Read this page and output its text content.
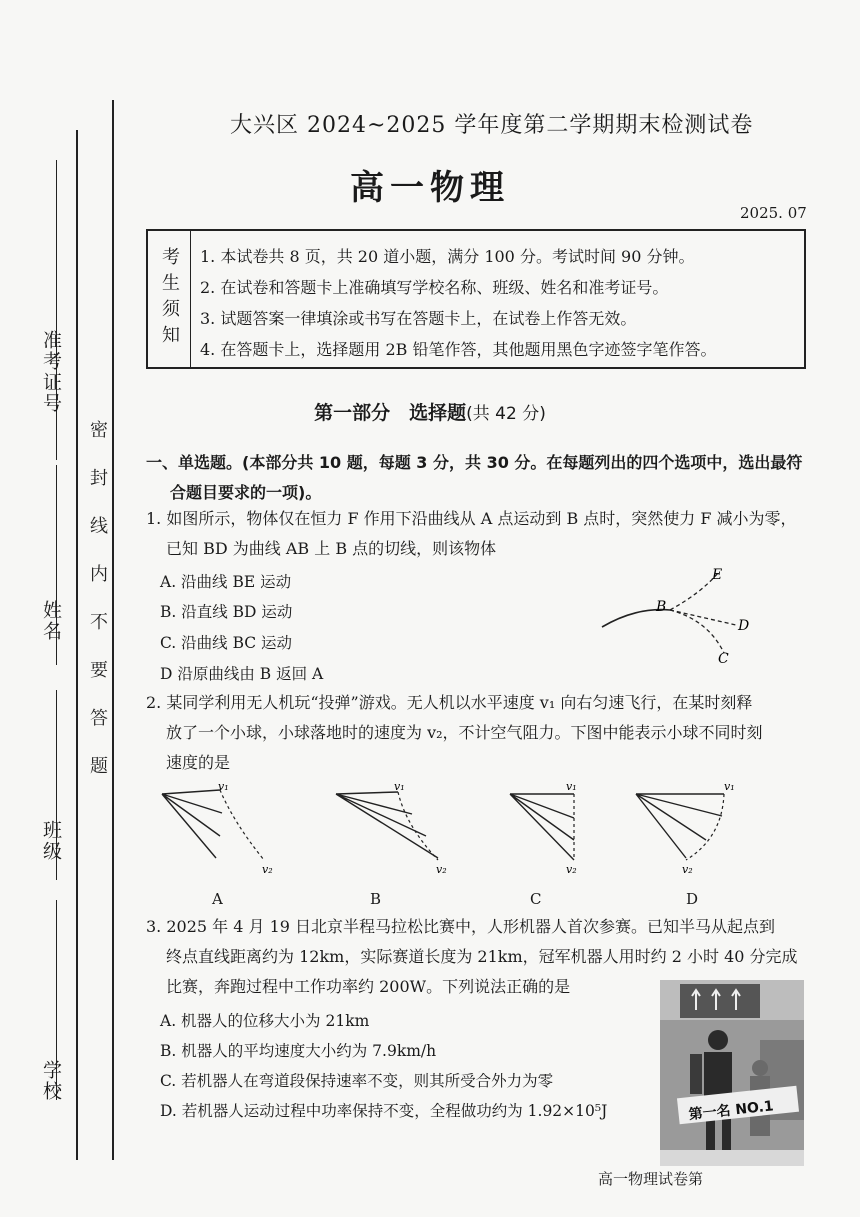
准考证号
姓名
班级
学校
密封线内不要答题
大兴区 2024~2025 学年度第二学期期末检测试卷
高一物理
2025. 07
考生须知 1. 本试卷共 8 页，共 20 道小题，满分 100 分。考试时间 90 分钟。
2. 在试卷和答题卡上准确填写学校名称、班级、姓名和准考证号。
3. 试题答案一律填涂或书写在答题卡上，在试卷上作答无效。
4. 在答题卡上，选择题用 2B 铅笔作答，其他题用黑色字迹签字笔作答。
第一部分　选择题(共 42 分)
一、单选题。(本部分共 10 题，每题 3 分，共 30 分。在每题列出的四个选项中，选出最符
合题目要求的一项)。
1. 如图所示，物体仅在恒力 F 作用下沿曲线从 A 点运动到 B 点时，突然使力 F 减小为零，
已知 BD 为曲线 AB 上 B 点的切线，则该物体
A. 沿曲线 BE 运动
B. 沿直线 BD 运动
C. 沿曲线 BC 运动
D 沿原曲线由 B 返回 A
B
E
D
C
2. 某同学利用无人机玩“投弹”游戏。无人机以水平速度 v₁ 向右匀速飞行，在某时刻释
放了一个小球，小球落地时的速度为 v₂，不计空气阻力。下图中能表示小球不同时刻
速度的是
v₁
v₂
v₁
v₂
v₁
v₂
v₁
v₂
A	B	C	D
3. 2025 年 4 月 19 日北京半程马拉松比赛中，人形机器人首次参赛。已知半马从起点到
终点直线距离约为 12km，实际赛道长度为 21km，冠军机器人用时约 2 小时 40 分完成
比赛，奔跑过程中工作功率约 200W。下列说法正确的是
A. 机器人的位移大小为 21km
B. 机器人的平均速度大小约为 7.9km/h
C. 若机器人在弯道段保持速率不变，则其所受合外力为零
D. 若机器人运动过程中功率保持不变，全程做功约为 1.92×10⁵J	第一名 NO.1
高一物理试卷第
